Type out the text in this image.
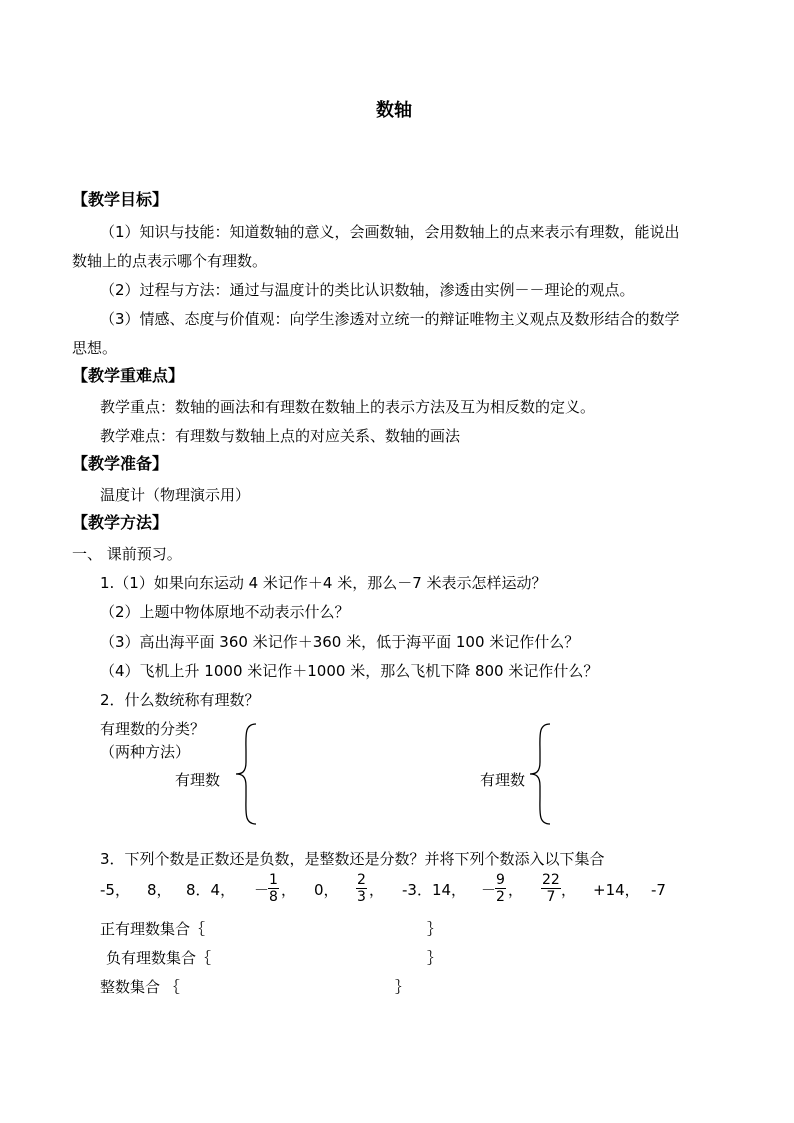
数轴
【教学目标】
（1）知识与技能：知道数轴的意义，会画数轴，会用数轴上的点来表示有理数，能说出
数轴上的点表示哪个有理数。
（2）过程与方法：通过与温度计的类比认识数轴，渗透由实例－－理论的观点。
（3）情感、态度与价值观：向学生渗透对立统一的辩证唯物主义观点及数形结合的数学
思想。
【教学重难点】
教学重点：数轴的画法和有理数在数轴上的表示方法及互为相反数的定义。
教学难点：有理数与数轴上点的对应关系、数轴的画法
【教学准备】
温度计（物理演示用）
【教学方法】
一、 课前预习。
1.（1）如果向东运动 4 米记作＋4 米，那么－7 米表示怎样运动？
（2）上题中物体原地不动表示什么？
（3）高出海平面 360 米记作＋360 米，低于海平面 100 米记作什么？
（4）飞机上升 1000 米记作＋1000 米，那么飞机下降 800 米记作什么？
2．什么数统称有理数？
有理数的分类？
（两种方法）
有理数	有理数
3．下列个数是正数还是负数，是整数还是分数？并将下列个数添入以下集合
-5， 8， 8．4， －
$\frac{1}{8}$ ， 0， $\frac{2}{3}$ ， -3．14， －
$\frac{9}{2}$ ， $\frac{22}{7}$ ， +14， -7
正有理数集合｛	｝
负有理数集合｛	｝
整数集合 ｛	｝
